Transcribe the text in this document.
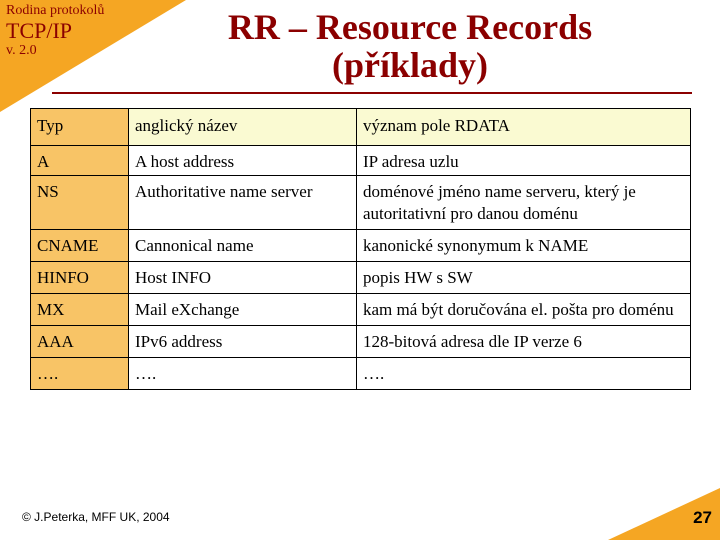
Rodina protokolů
TCP/IP
v. 2.0
RR – Resource Records
(příklady)
Typ	anglický název	význam pole RDATA
A	A host address	IP adresa uzlu
NS	Authoritative name server	doménové jméno name serveru, který je autoritativní pro danou doménu
CNAME	Cannonical name	kanonické synonymum k NAME
HINFO	Host INFO	popis HW s SW
MX	Mail eXchange	kam má být doručována el. pošta pro doménu
AAA	IPv6 address	128-bitová adresa dle IP verze 6
….	….	….
© J.Peterka, MFF UK, 2004	27
